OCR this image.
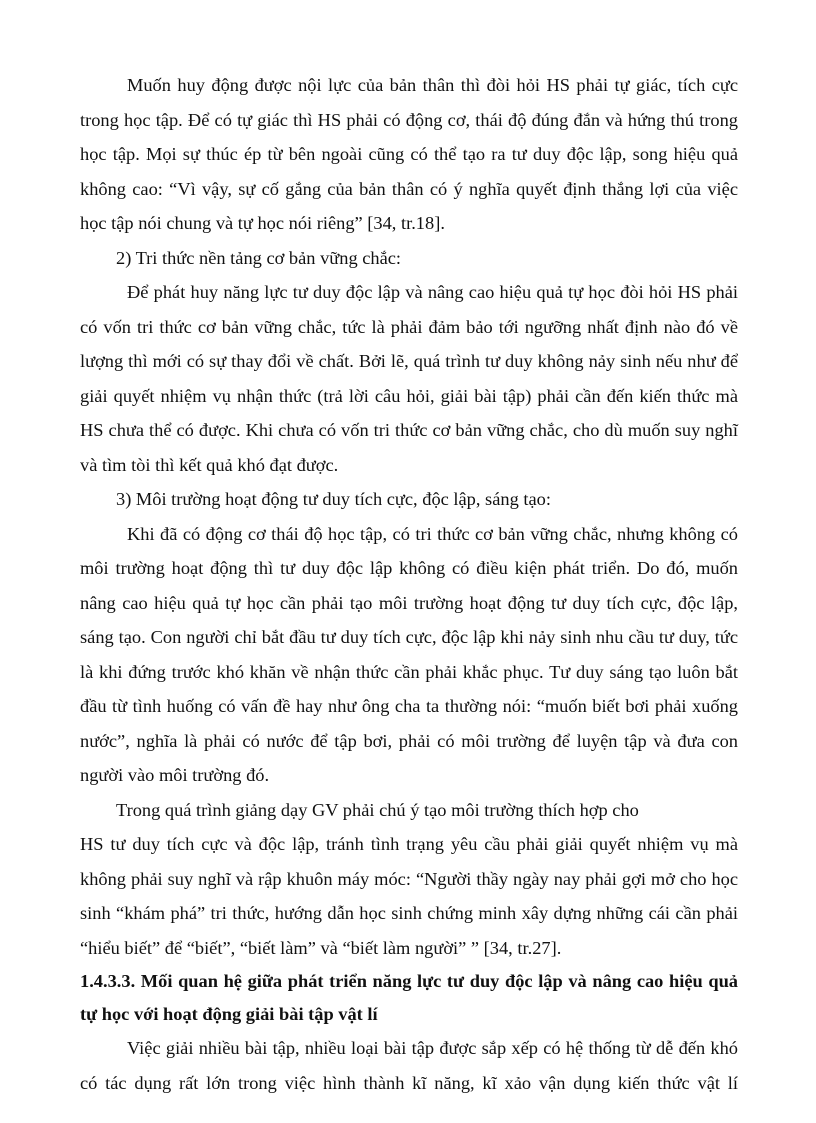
Muốn huy động được nội lực của bản thân thì đòi hỏi HS phải tự giác, tích cực trong học tập. Để có tự giác thì HS phải có động cơ, thái độ đúng đắn và hứng thú trong học tập. Mọi sự thúc ép từ bên ngoài cũng có thể tạo ra tư duy độc lập, song hiệu quả không cao: “Vì vậy, sự cố gắng của bản thân có ý nghĩa quyết định thắng lợi của việc học tập nói chung và tự học nói riêng” [34, tr.18].

2) Tri thức nền tảng cơ bản vững chắc:

Để phát huy năng lực tư duy độc lập và nâng cao hiệu quả tự học đòi hỏi HS phải có vốn tri thức cơ bản vững chắc, tức là phải đảm bảo tới ngưỡng nhất định nào đó về lượng thì mới có sự thay đổi về chất. Bởi lẽ, quá trình tư duy không nảy sinh nếu như để giải quyết nhiệm vụ nhận thức (trả lời câu hỏi, giải bài tập) phải cần đến kiến thức mà HS chưa thể có được. Khi chưa có vốn tri thức cơ bản vững chắc, cho dù muốn suy nghĩ và tìm tòi thì kết quả khó đạt được.

3) Môi trường hoạt động tư duy tích cực, độc lập, sáng tạo:

Khi đã có động cơ thái độ học tập, có tri thức cơ bản vững chắc, nhưng không có môi trường hoạt động thì tư duy độc lập không có điều kiện phát triển. Do đó, muốn nâng cao hiệu quả tự học cần phải tạo môi trường hoạt động tư duy tích cực, độc lập, sáng tạo. Con người chỉ bắt đầu tư duy tích cực, độc lập khi nảy sinh nhu cầu tư duy, tức là khi đứng trước khó khăn về nhận thức cần phải khắc phục. Tư duy sáng tạo luôn bắt đầu từ tình huống có vấn đề hay như ông cha ta thường nói: “muốn biết bơi phải xuống nước”, nghĩa là phải có nước để tập bơi, phải có môi trường để luyện tập và đưa con người vào môi trường đó.

Trong quá trình giảng dạy GV phải chú ý tạo môi trường thích hợp cho

HS tư duy tích cực và độc lập, tránh tình trạng yêu cầu phải giải quyết nhiệm vụ mà không phải suy nghĩ và rập khuôn máy móc: “Người thầy ngày nay phải gợi mở cho học sinh “khám phá” tri thức, hướng dẫn học sinh chứng minh xây dựng những cái cần phải “hiểu biết” để “biết”, “biết làm” và “biết làm người” ” [34, tr.27].

1.4.3.3. Mối quan hệ giữa phát triển năng lực tư duy độc lập và nâng cao hiệu quả tự học với hoạt động giải bài tập vật lí

Việc giải nhiều bài tập, nhiều loại bài tập được sắp xếp có hệ thống từ dễ đến khó có tác dụng rất lớn trong việc hình thành kĩ năng, kĩ xảo vận dụng kiến thức vật lí
